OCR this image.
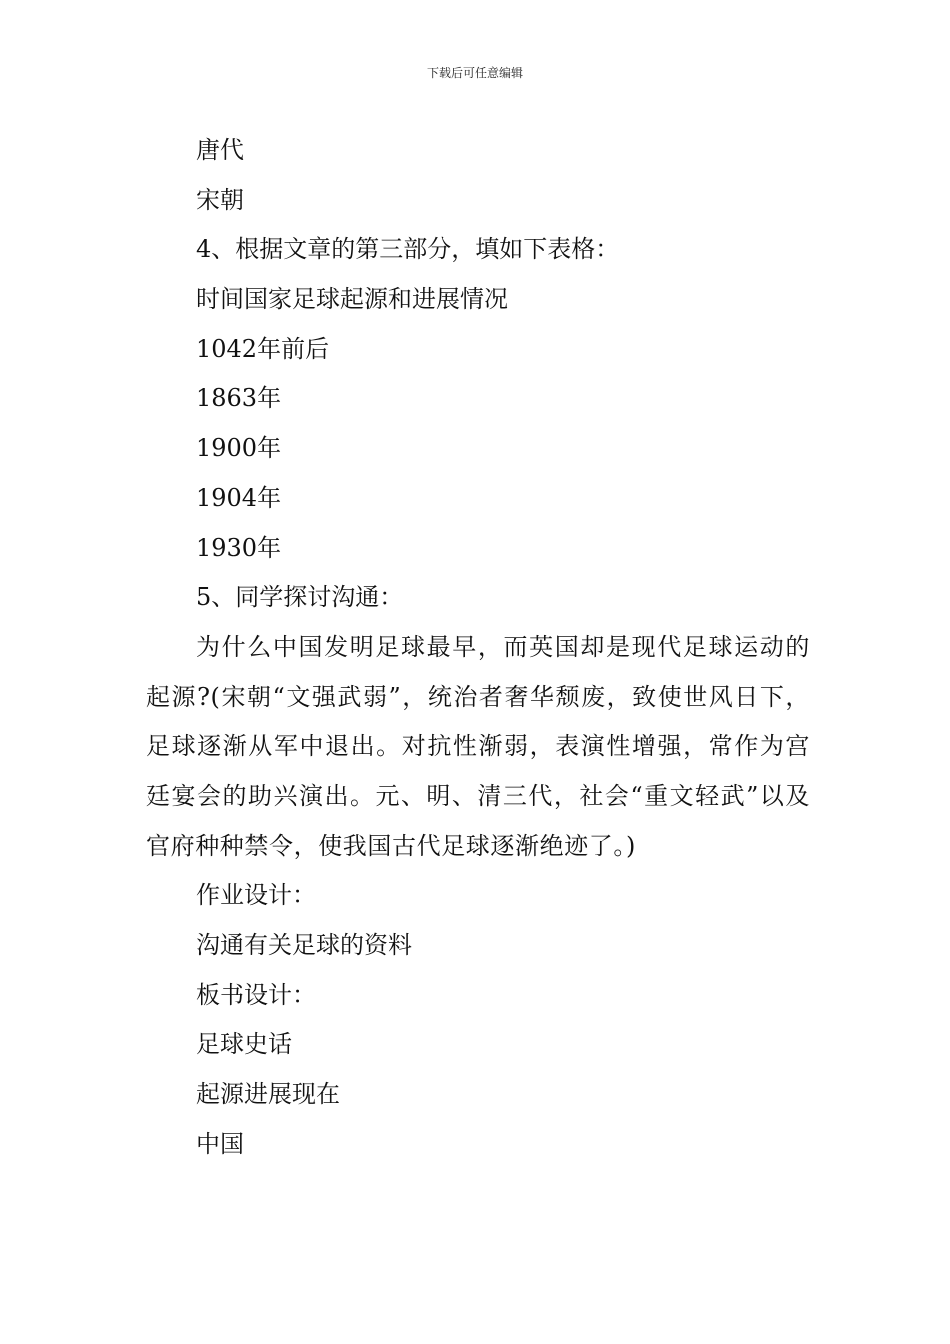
下载后可任意编辑
唐代
宋朝
4、根据文章的第三部分，填如下表格：
时间国家足球起源和进展情况
1042年前后
1863年
1900年
1904年
1930年
5、同学探讨沟通：

为什么中国发明足球最早，而英国却是现代足球运动的起源?(宋朝“文强武弱”，统治者奢华颓废，致使世风日下，足球逐渐从军中退出。对抗性渐弱，表演性增强，常作为宫廷宴会的助兴演出。元、明、清三代，社会“重文轻武”以及官府种种禁令，使我国古代足球逐渐绝迹了。)

作业设计：
沟通有关足球的资料
板书设计：
足球史话
起源进展现在
中国
